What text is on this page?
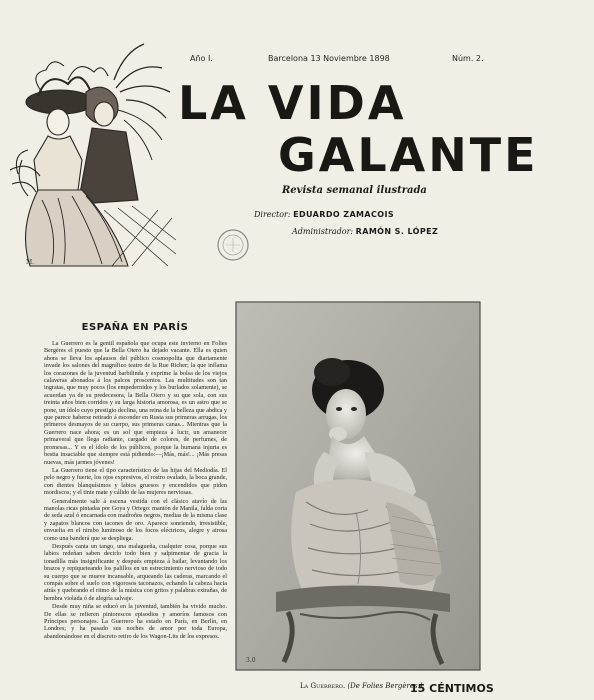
M.
Año I.	Barcelona 13 Noviembre 1898	Núm. 2.
LA VIDA
GALANTE
Revista semanal ilustrada
Director: EDUARDO ZAMACOIS
Administrador: RAMÓN S. LÓPEZ
ESPAÑA EN PARÍS

La Guerrero es la gentil española que ocupa este invierno en Folies Bergères el puesto que la Bella Otero ha dejado vacante. Ella es quien ahora se lleva los aplausos del público cosmopolita que diariamente invade los salones del magnífico teatro de la Rue Richer; la que inflama los corazones de la juventud barbilinda y exprime la bolsa de los viejos calaveras abonados á los palcos proscenios. Las multitudes son tan ingratas, que muy pocos (los empedernidos y los burlados solamente), se acuerdan ya de su predecesora, la Bella Otero y su que sola, con sus treinta años bien corridos y su larga historia amorosa, es un astro que se pone, un ídolo cuyo prestigio declina, una reina de la belleza que abdica y que parece haberse retirado á esconder en Rusia sus primeras arrugas, los primeros desmayos de su cuerpo, sus primeras canas... Mientras que la Guerrero nace ahora; es un sol que empieza á lucir, un amanecer primaveral que llega radiante, cargado de colores, de perfumes, de promesas... Y es el ídolo de los públicos, porque la humana injuria es bestia insaciable que siempre está pidiendo:—¡Más, más!... ¡Más presas nuevas, más jarmes jóvenes!

La Guerrero tiene el tipo característico de las hijas del Mediodía. El pelo negro y fuerte, los ojos expresivos, el rostro ovalado, la boca grande, con dientes blanquísimos y labios gruesos y encendidos que piden mordiscos; y el tinte mate y cálido de las mujeres nerviosas.

Generalmente sale á escena vestida con el clásico atavío de las manolas ricas pintadas por Goya y Ortego: mantón de Manila, falda corta de seda azul ó encarnada con madroños negros, medias de la misma clase y zapatos blancos con tacones de oro. Aparece sonriendo, irresistible, envuelta en el nimbo luminoso de los focos eléctricos, alegre y airosa como una banderá que se despliega.

Después canta un tango, una malagueña, cualquier cosa, porque sus labios redeñan saben decirlo todo bien y salpimentar de gracia la tonadilla más insignificante y después empieza á bailar, levantando los brazos y repiqueteando los palillos en un estrecimiento nervioso de todo su cuerpo que se mueve incansable, arqueando las caderas, marcando el compás sobre el suelo con vigorosos taconazos, echando la cabeza hacia atrás y quebrando el ritmo de la música con gritos y palabras extrañas, de hembra violada ó de alegría salvaje.

Desde muy niña se educó en la juventud, también ha vivido mucho. De ellas se refieren pintorescos episodios y amoríos famosos con Príncipes personajes. La Guerrero ha estado en París, en Berlín, en Londres; y ha pasado sus noches de amor por toda Europa, abandonándose en el discreto retiro de los Wagon-Lits de los expresos.

3.0
La Guerrero. (De Folies Bergères.)
15 CÉNTIMOS
